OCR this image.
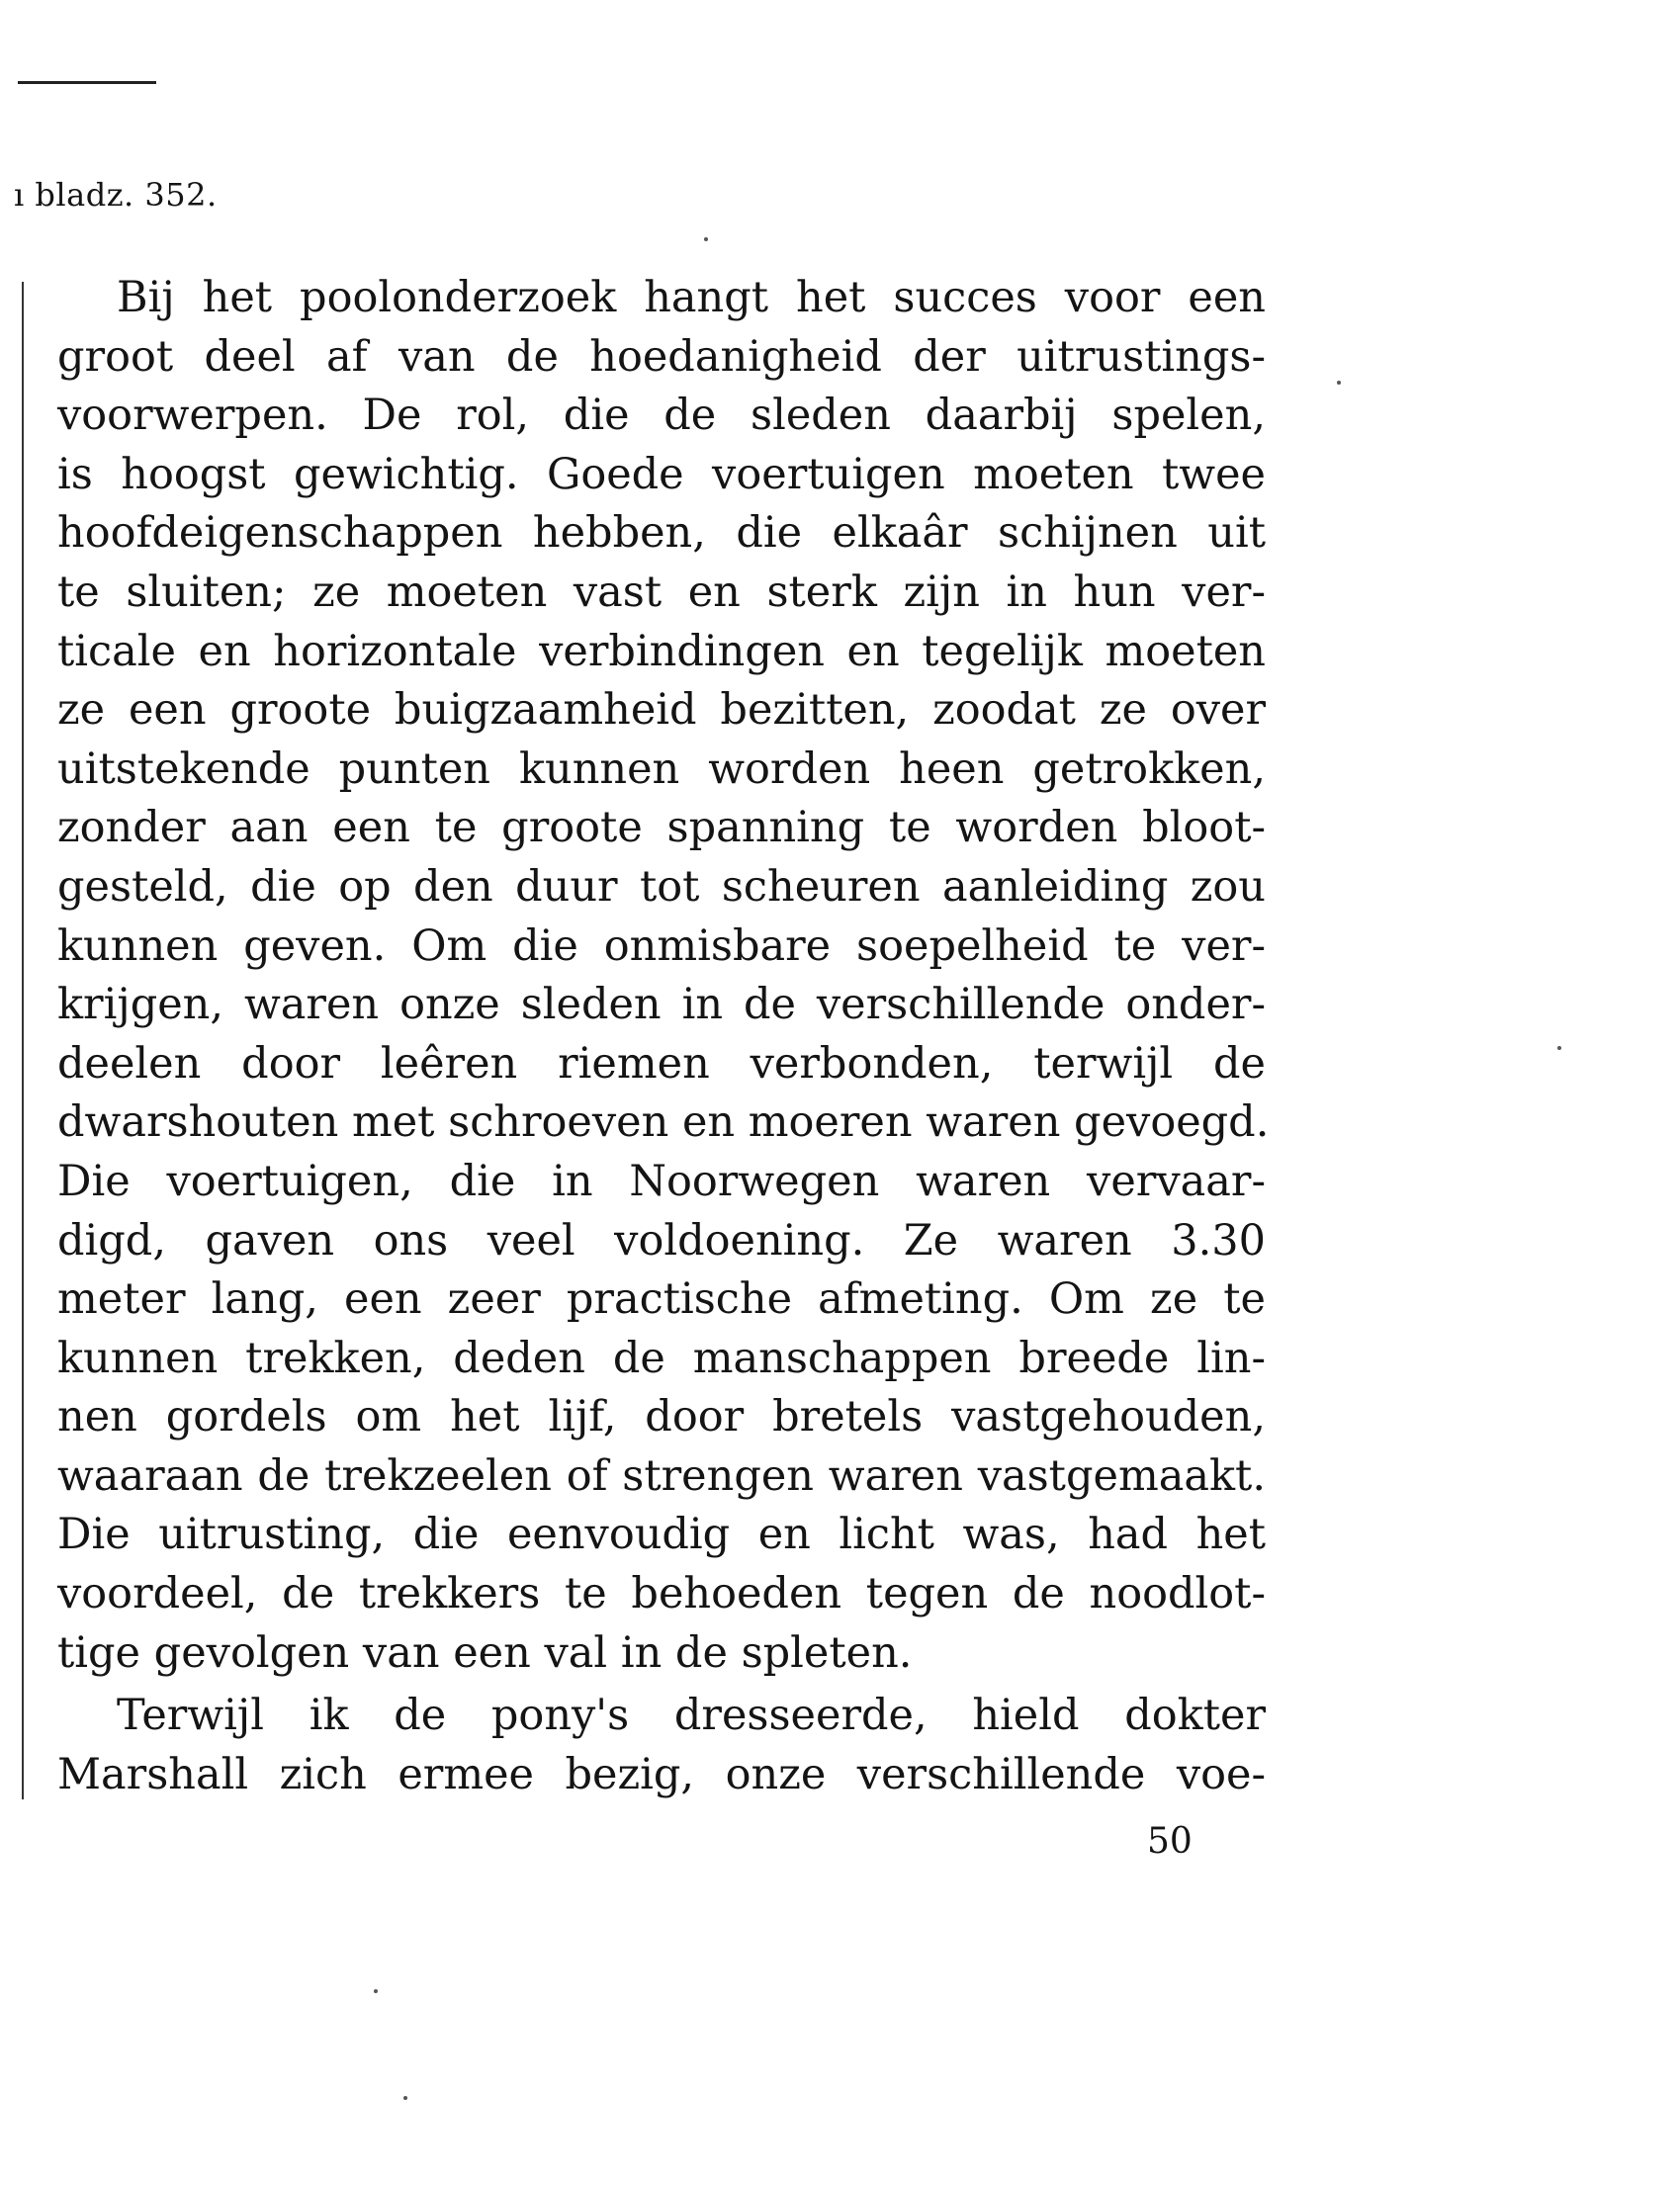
ı bladz. 352.
Bij het poolonderzoek hangt het succes voor een
groot deel af van de hoedanigheid der uitrustings-
voorwerpen. De rol, die de sleden daarbij spelen,
is hoogst gewichtig. Goede voertuigen moeten twee
hoofdeigenschappen hebben, die elkaâr schijnen uit
te sluiten; ze moeten vast en sterk zijn in hun ver-
ticale en horizontale verbindingen en tegelijk moeten
ze een groote buigzaamheid bezitten, zoodat ze over
uitstekende punten kunnen worden heen getrokken,
zonder aan een te groote spanning te worden bloot-
gesteld, die op den duur tot scheuren aanleiding zou
kunnen geven. Om die onmisbare soepelheid te ver-
krijgen, waren onze sleden in de verschillende onder-
deelen door leêren riemen verbonden, terwijl de
dwarshouten met schroeven en moeren waren gevoegd.
Die voertuigen, die in Noorwegen waren vervaar-
digd, gaven ons veel voldoening. Ze waren 3.30
meter lang, een zeer practische afmeting. Om ze te
kunnen trekken, deden de manschappen breede lin-
nen gordels om het lijf, door bretels vastgehouden,
waaraan de trekzeelen of strengen waren vastgemaakt.
Die uitrusting, die eenvoudig en licht was, had het
voordeel, de trekkers te behoeden tegen de noodlot-
tige gevolgen van een val in de spleten.
Terwijl ik de pony's dresseerde, hield dokter
Marshall zich ermee bezig, onze verschillende voe-
50
